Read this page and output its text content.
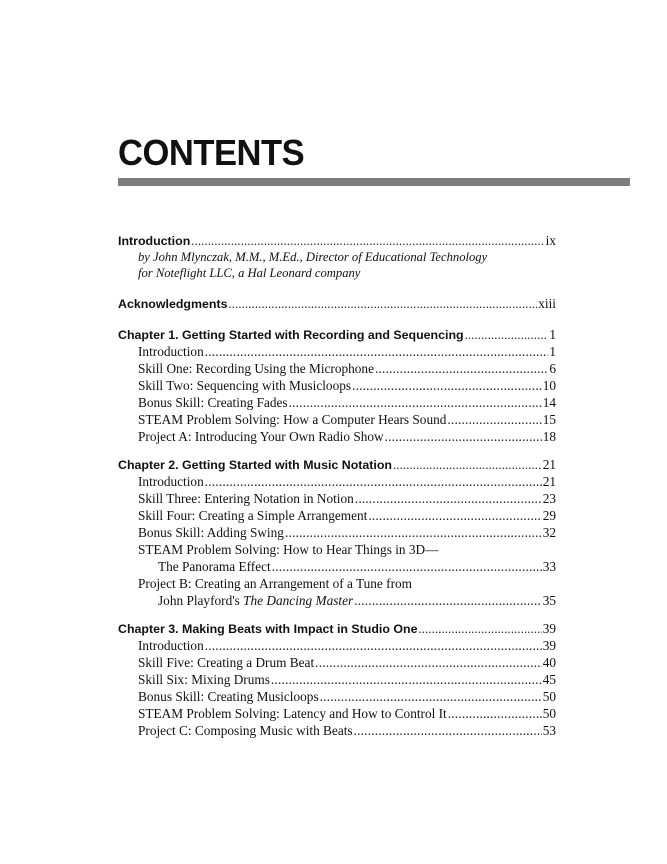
CONTENTS
Introduction .....	ix
by John Mlynczak, M.M., M.Ed., Director of Educational Technology
for Noteflight LLC, a Hal Leonard company
Acknowledgments .....	xiii
Chapter 1. Getting Started with Recording and Sequencing .....	1
Introduction .....	1
Skill One: Recording Using the Microphone .....	6
Skill Two: Sequencing with Musicloops .....	10
Bonus Skill: Creating Fades .....	14
STEAM Problem Solving: How a Computer Hears Sound .....	15
Project A: Introducing Your Own Radio Show .....	18
Chapter 2. Getting Started with Music Notation .....	21
Introduction .....	21
Skill Three: Entering Notation in Notion .....	23
Skill Four: Creating a Simple Arrangement .....	29
Bonus Skill: Adding Swing .....	32
STEAM Problem Solving: How to Hear Things in 3D—
The Panorama Effect .....	33
Project B: Creating an Arrangement of a Tune from
John Playford's The Dancing Master .....	35
Chapter 3. Making Beats with Impact in Studio One .....	39
Introduction .....	39
Skill Five: Creating a Drum Beat .....	40
Skill Six: Mixing Drums .....	45
Bonus Skill: Creating Musicloops .....	50
STEAM Problem Solving: Latency and How to Control It .....	50
Project C: Composing Music with Beats .....	53
